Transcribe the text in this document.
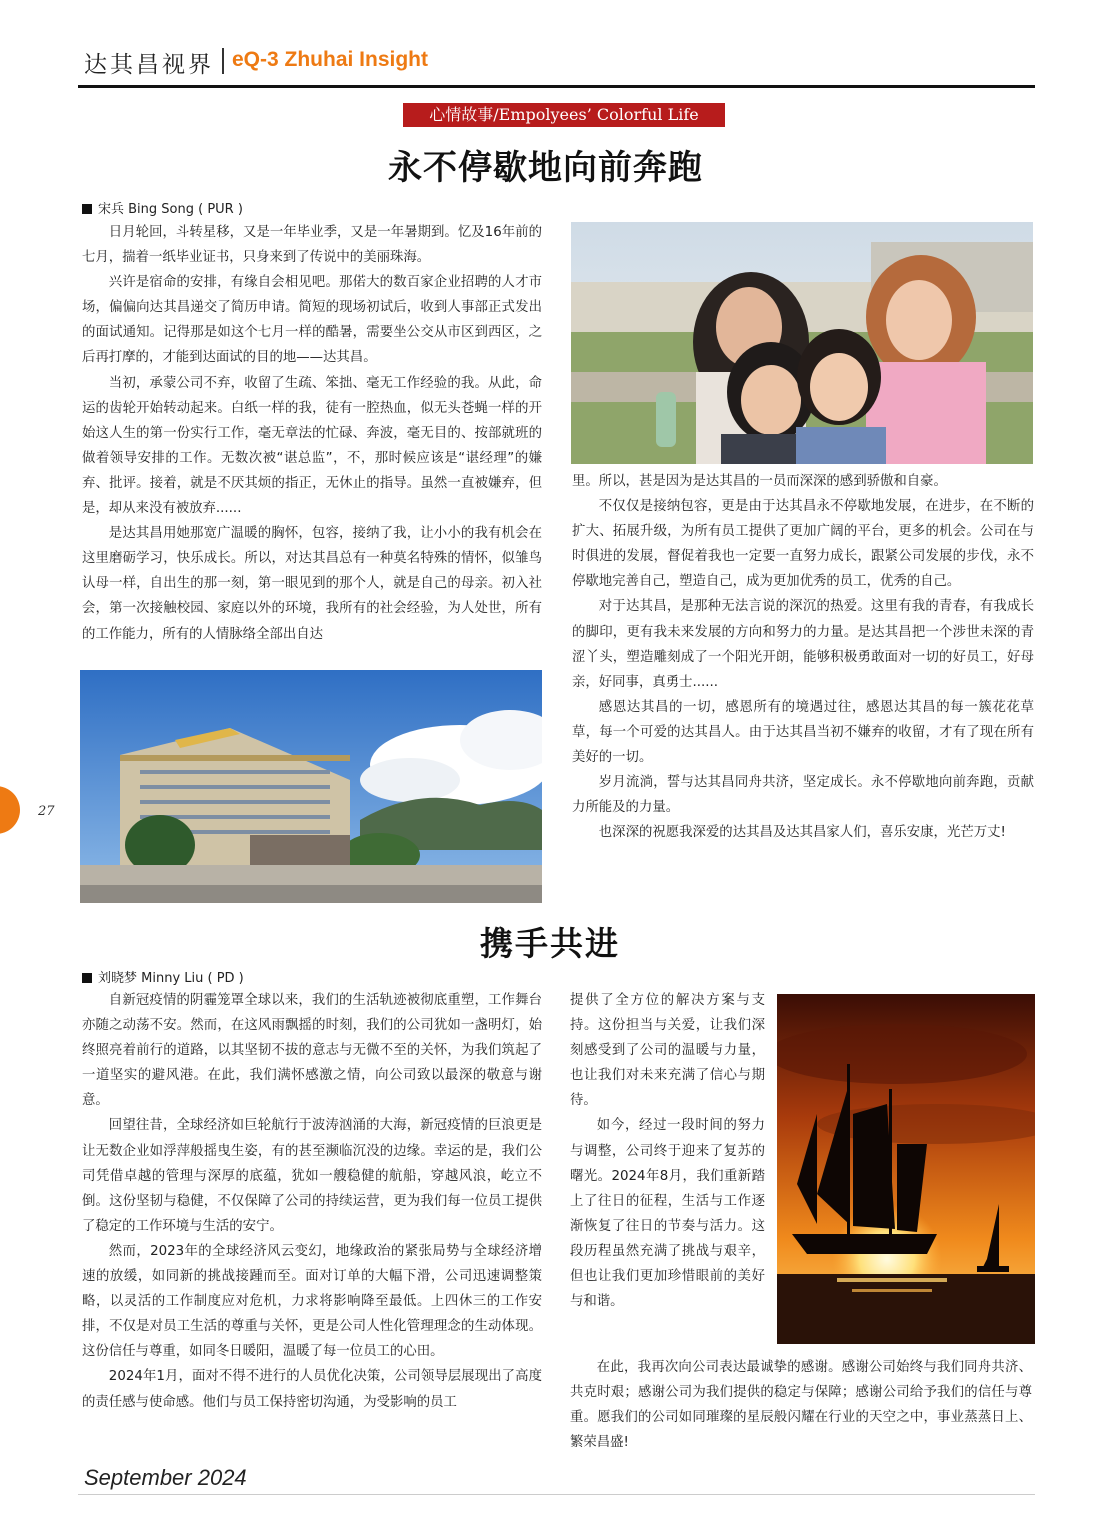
达其昌视界 eQ-3 Zhuhai Insight
心情故事/Empolyees’ Colorful Life
永不停歇地向前奔跑
宋兵 Bing Song ( PUR )

日月轮回，斗转星移，又是一年毕业季，又是一年暑期到。忆及16年前的七月，揣着一纸毕业证书，只身来到了传说中的美丽珠海。

兴许是宿命的安排，有缘自会相见吧。那偌大的数百家企业招聘的人才市场，偏偏向达其昌递交了简历申请。简短的现场初试后，收到人事部正式发出的面试通知。记得那是如这个七月一样的酷暑，需要坐公交从市区到西区，之后再打摩的，才能到达面试的目的地——达其昌。

当初，承蒙公司不弃，收留了生疏、笨拙、毫无工作经验的我。从此，命运的齿轮开始转动起来。白纸一样的我，徒有一腔热血，似无头苍蝇一样的开始这人生的第一份实行工作，毫无章法的忙碌、奔波，毫无目的、按部就班的做着领导安排的工作。无数次被“谌总监”，不，那时候应该是“谌经理”的嫌弃、批评。接着，就是不厌其烦的指正，无休止的指导。虽然一直被嫌弃，但是，却从来没有被放弃......

是达其昌用她那宽广温暖的胸怀，包容，接纳了我，让小小的我有机会在这里磨砺学习，快乐成长。所以，对达其昌总有一种莫名特殊的情怀，似雏鸟认母一样，自出生的那一刻，第一眼见到的那个人，就是自己的母亲。初入社会，第一次接触校园、家庭以外的环境，我所有的社会经验，为人处世，所有的工作能力，所有的人情脉络全部出自达

里。所以，甚是因为是达其昌的一员而深深的感到骄傲和自豪。

不仅仅是接纳包容，更是由于达其昌永不停歇地发展，在进步，在不断的扩大、拓展升级，为所有员工提供了更加广阔的平台，更多的机会。公司在与时俱进的发展，督促着我也一定要一直努力成长，跟紧公司发展的步伐，永不停歇地完善自己，塑造自己，成为更加优秀的员工，优秀的自己。

对于达其昌，是那种无法言说的深沉的热爱。这里有我的青春，有我成长的脚印，更有我未来发展的方向和努力的力量。是达其昌把一个涉世未深的青涩丫头，塑造雕刻成了一个阳光开朗，能够积极勇敢面对一切的好员工，好母亲，好同事，真勇士......

感恩达其昌的一切，感恩所有的境遇过往，感恩达其昌的每一簇花花草草，每一个可爱的达其昌人。由于达其昌当初不嫌弃的收留，才有了现在所有美好的一切。

岁月流淌，誓与达其昌同舟共济，坚定成长。永不停歇地向前奔跑，贡献力所能及的力量。

也深深的祝愿我深爱的达其昌及达其昌家人们，喜乐安康，光芒万丈!

27
携手共进
刘晓梦 Minny Liu ( PD )

自新冠疫情的阴霾笼罩全球以来，我们的生活轨迹被彻底重塑，工作舞台亦随之动荡不安。然而，在这风雨飘摇的时刻，我们的公司犹如一盏明灯，始终照亮着前行的道路，以其坚韧不拔的意志与无微不至的关怀，为我们筑起了一道坚实的避风港。在此，我们满怀感激之情，向公司致以最深的敬意与谢意。

回望往昔，全球经济如巨轮航行于波涛汹涌的大海，新冠疫情的巨浪更是让无数企业如浮萍般摇曳生姿，有的甚至濒临沉没的边缘。幸运的是，我们公司凭借卓越的管理与深厚的底蕴，犹如一艘稳健的航船，穿越风浪，屹立不倒。这份坚韧与稳健，不仅保障了公司的持续运营，更为我们每一位员工提供了稳定的工作环境与生活的安宁。

然而，2023年的全球经济风云变幻，地缘政治的紧张局势与全球经济增速的放缓，如同新的挑战接踵而至。面对订单的大幅下滑，公司迅速调整策略，以灵活的工作制度应对危机，力求将影响降至最低。上四休三的工作安排，不仅是对员工生活的尊重与关怀，更是公司人性化管理理念的生动体现。这份信任与尊重，如同冬日暖阳，温暖了每一位员工的心田。

2024年1月，面对不得不进行的人员优化决策，公司领导层展现出了高度的责任感与使命感。他们与员工保持密切沟通，为受影响的员工

提供了全方位的解决方案与支持。这份担当与关爱，让我们深刻感受到了公司的温暖与力量，也让我们对未来充满了信心与期待。

如今，经过一段时间的努力与调整，公司终于迎来了复苏的曙光。2024年8月，我们重新踏上了往日的征程，生活与工作逐渐恢复了往日的节奏与活力。这段历程虽然充满了挑战与艰辛，但也让我们更加珍惜眼前的美好与和谐。

在此，我再次向公司表达最诚挚的感谢。感谢公司始终与我们同舟共济、共克时艰；感谢公司为我们提供的稳定与保障；感谢公司给予我们的信任与尊重。愿我们的公司如同璀璨的星辰般闪耀在行业的天空之中，事业蒸蒸日上、繁荣昌盛!

September 2024
